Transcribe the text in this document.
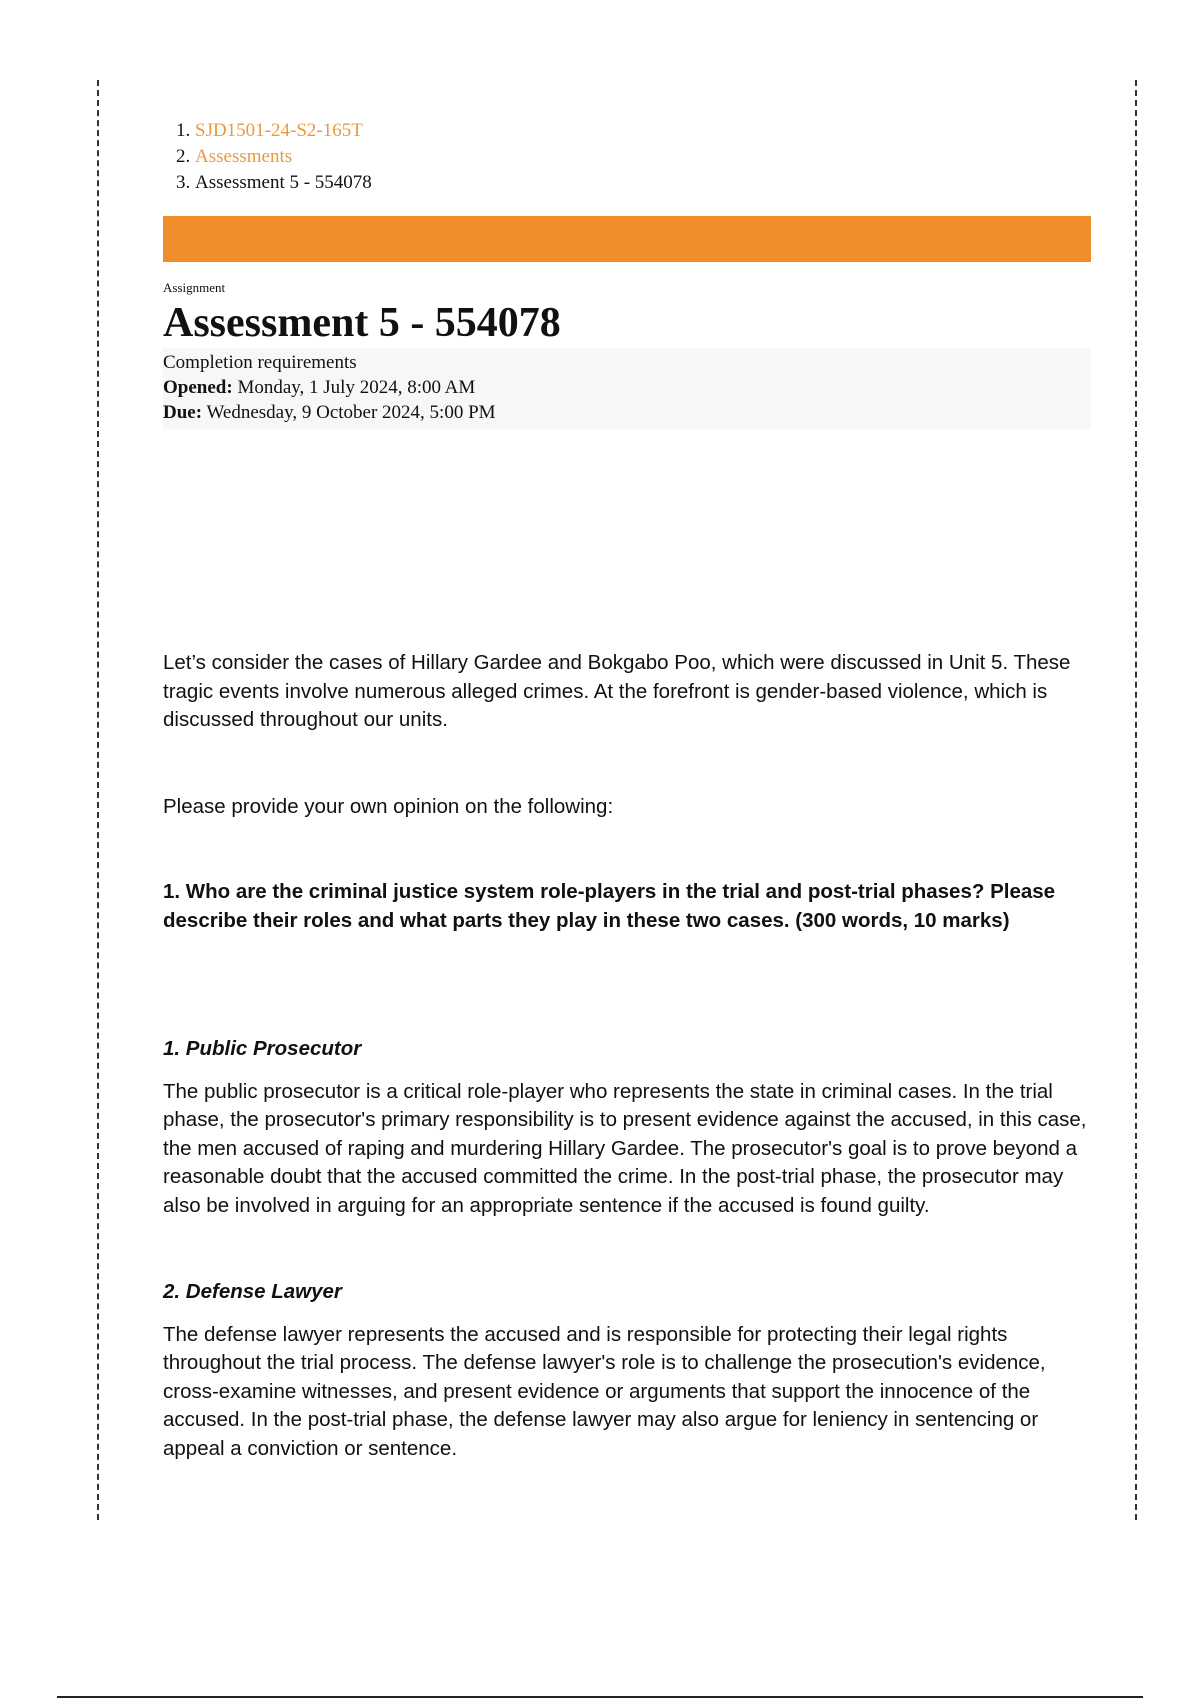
1. SJD1501-24-S2-165T
2. Assessments
3. Assessment 5 - 554078
Assignment
Assessment 5 - 554078
Completion requirements
Opened: Monday, 1 July 2024, 8:00 AM
Due: Wednesday, 9 October 2024, 5:00 PM

Let’s consider the cases of Hillary Gardee and Bokgabo Poo, which were discussed in Unit 5. These tragic events involve numerous alleged crimes. At the forefront is gender-based violence, which is discussed throughout our units.

Please provide your own opinion on the following:

1. Who are the criminal justice system role-players in the trial and post-trial phases? Please describe their roles and what parts they play in these two cases. (300 words, 10 marks)

1. Public Prosecutor

The public prosecutor is a critical role-player who represents the state in criminal cases. In the trial phase, the prosecutor's primary responsibility is to present evidence against the accused, in this case, the men accused of raping and murdering Hillary Gardee. The prosecutor's goal is to prove beyond a reasonable doubt that the accused committed the crime. In the post-trial phase, the prosecutor may also be involved in arguing for an appropriate sentence if the accused is found guilty.

2. Defense Lawyer

The defense lawyer represents the accused and is responsible for protecting their legal rights throughout the trial process. The defense lawyer's role is to challenge the prosecution's evidence, cross-examine witnesses, and present evidence or arguments that support the innocence of the accused. In the post-trial phase, the defense lawyer may also argue for leniency in sentencing or appeal a conviction or sentence.
